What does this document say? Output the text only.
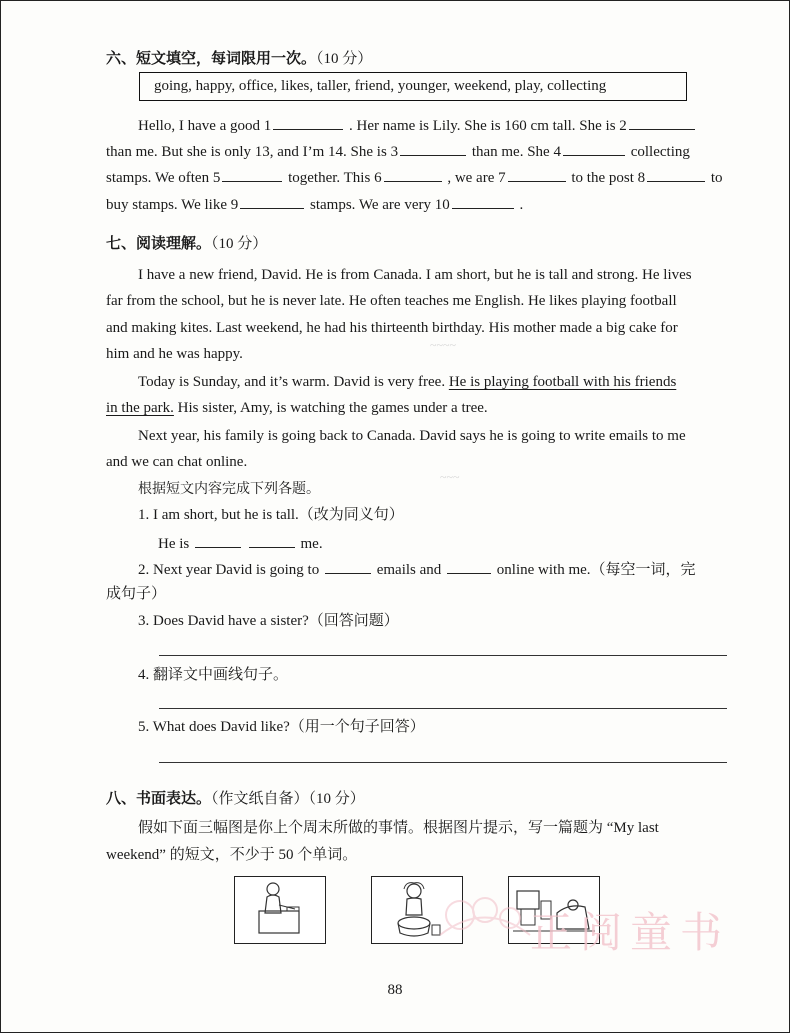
~~~~
~~~
六、短文填空，每词限用一次。（10 分）
going, happy, office, likes, taller, friend, younger, weekend, play, collecting
Hello, I have a good 1	. Her name is Lily. She is 160 cm tall. She is 2
than me. But she is only 13, and I’m 14. She is 3	than me. She 4	collecting
stamps. We often 5	together. This 6	, we are 7	to the post 8	to
buy stamps. We like 9	stamps. We are very 10	.
七、阅读理解。（10 分）
I have a new friend, David. He is from Canada. I am short, but he is tall and strong. He lives
far from the school, but he is never late. He often teaches me English. He likes playing football
and making kites. Last weekend, he had his thirteenth birthday. His mother made a big cake for
him and he was happy.
Today is Sunday, and it’s warm. David is very free. He is playing football with his friends
in the park. His sister, Amy, is watching the games under a tree.
Next year, his family is going back to Canada. David says he is going to write emails to me
and we can chat online.
根据短文内容完成下列各题。
1. I am short, but he is tall.（改为同义句）
He is	me.
2. Next year David is going to	emails and	online with me.（每空一词，完
成句子）
3. Does David have a sister?（回答问题）
4. 翻译文中画线句子。
5. What does David like?（用一个句子回答）
八、书面表达。（作文纸自备）（10 分）
假如下面三幅图是你上个周末所做的事情。根据图片提示，写一篇题为 “My last
weekend” 的短文，不少于 50 个单词。
正阅童书
88
